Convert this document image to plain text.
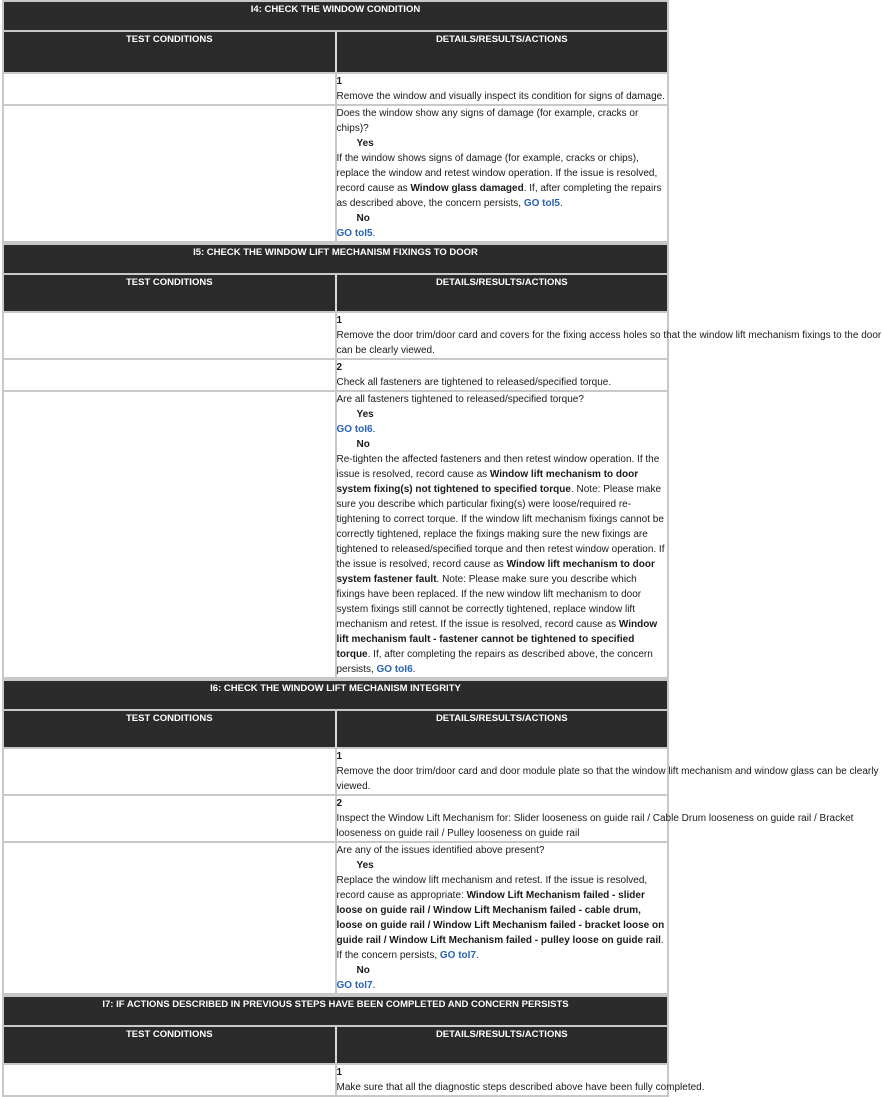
I4: CHECK THE WINDOW CONDITION	
TEST CONDITIONS	DETAILS/RESULTS/ACTIONS
	1Remove the window and visually inspect its condition for signs of damage.
	Does the window show any signs of damage (for example, cracks or chips)?
Yes
If the window shows signs of damage (for example, cracks or chips), replace the window and retest window operation. If the issue is resolved, record cause as Window glass damaged. If, after completing the repairs as described above, the concern persists, GO toI5.
No
GO toI5.
I5: CHECK THE WINDOW LIFT MECHANISM FIXINGS TO DOOR	
TEST CONDITIONS	DETAILS/RESULTS/ACTIONS
	1Remove the door trim/door card and covers for the fixing access holes so that the window lift mechanism fixings to the door can be clearly viewed.
	2Check all fasteners are tightened to released/specified torque.
	Are all fasteners tightened to released/specified torque?
Yes
GO toI6.
No
Re-tighten the affected fasteners and then retest window operation. If the issue is resolved, record cause as Window lift mechanism to door system fixing(s) not tightened to specified torque. Note: Please make sure you describe which particular fixing(s) were loose/required re-tightening to correct torque. If the window lift mechanism fixings cannot be correctly tightened, replace the fixings making sure the new fixings are tightened to released/specified torque and then retest window operation. If the issue is resolved, record cause as Window lift mechanism to door system fastener fault. Note: Please make sure you describe which fixings have been replaced. If the new window lift mechanism to door system fixings still cannot be correctly tightened, replace window lift mechanism and retest. If the issue is resolved, record cause as Window lift mechanism fault - fastener cannot be tightened to specified torque. If, after completing the repairs as described above, the concern persists, GO toI6.
I6: CHECK THE WINDOW LIFT MECHANISM INTEGRITY	
TEST CONDITIONS	DETAILS/RESULTS/ACTIONS
	1Remove the door trim/door card and door module plate so that the window lift mechanism and window glass can be clearly viewed.
	2Inspect the Window Lift Mechanism for: Slider looseness on guide rail / Cable Drum looseness on guide rail / Bracket looseness on guide rail / Pulley looseness on guide rail
	Are any of the issues identified above present?
Yes
Replace the window lift mechanism and retest. If the issue is resolved, record cause as appropriate: Window Lift Mechanism failed - slider loose on guide rail / Window Lift Mechanism failed - cable drum, loose on guide rail / Window Lift Mechanism failed - bracket loose on guide rail / Window Lift Mechanism failed - pulley loose on guide rail. If the concern persists, GO toI7.
No
GO toI7.
I7: IF ACTIONS DESCRIBED IN PREVIOUS STEPS HAVE BEEN COMPLETED AND CONCERN PERSISTS	
TEST CONDITIONS	DETAILS/RESULTS/ACTIONS
	1Make sure that all the diagnostic steps described above have been fully completed.
